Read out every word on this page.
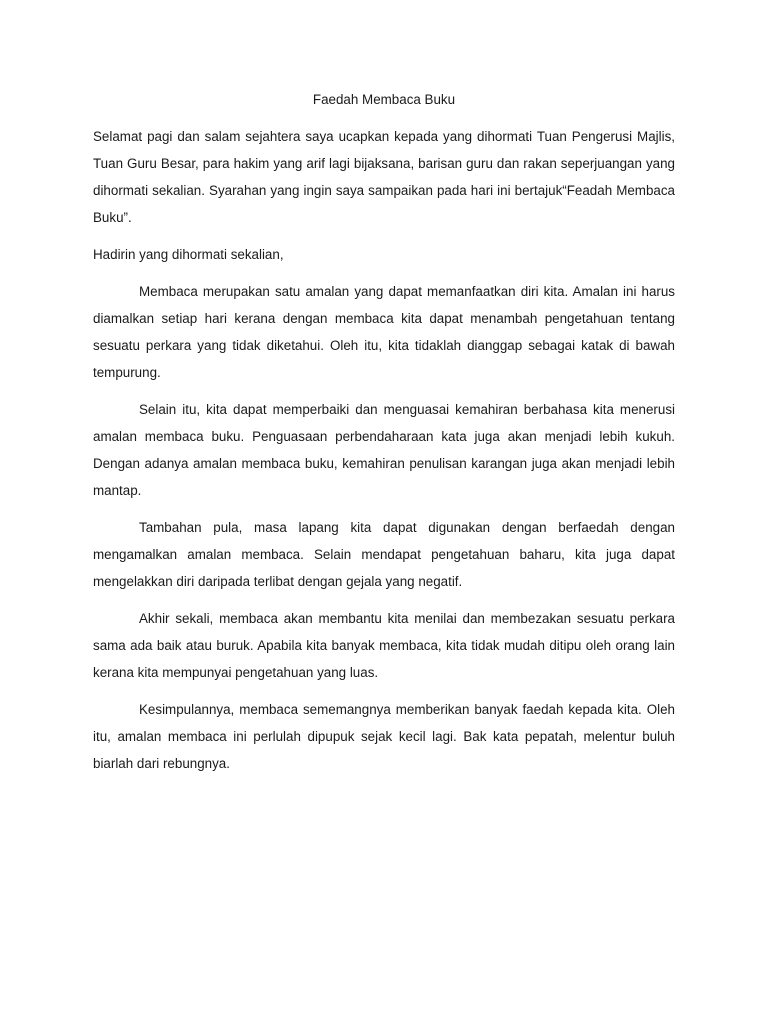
Faedah Membaca Buku

Selamat pagi dan salam sejahtera saya ucapkan kepada yang dihormati Tuan Pengerusi Majlis, Tuan Guru Besar, para hakim yang arif lagi bijaksana, barisan guru dan rakan seperjuangan yang dihormati sekalian. Syarahan yang ingin saya sampaikan pada hari ini bertajuk“Feadah Membaca Buku”.

Hadirin yang dihormati sekalian,

Membaca merupakan satu amalan yang dapat memanfaatkan diri kita. Amalan ini harus diamalkan setiap hari kerana dengan membaca kita dapat menambah pengetahuan tentang sesuatu perkara yang tidak diketahui. Oleh itu, kita tidaklah dianggap sebagai katak di bawah tempurung.

Selain itu, kita dapat memperbaiki dan menguasai kemahiran berbahasa kita menerusi amalan membaca buku. Penguasaan perbendaharaan kata juga akan menjadi lebih kukuh. Dengan adanya amalan membaca buku, kemahiran penulisan karangan juga akan menjadi lebih mantap.

Tambahan pula, masa lapang kita dapat digunakan dengan berfaedah dengan mengamalkan amalan membaca. Selain mendapat pengetahuan baharu, kita juga dapat mengelakkan diri daripada terlibat dengan gejala yang negatif.

Akhir sekali, membaca akan membantu kita menilai dan membezakan sesuatu perkara sama ada baik atau buruk. Apabila kita banyak membaca, kita tidak mudah ditipu oleh orang lain kerana kita mempunyai pengetahuan yang luas.

Kesimpulannya, membaca sememangnya memberikan banyak faedah kepada kita. Oleh itu, amalan membaca ini perlulah dipupuk sejak kecil lagi. Bak kata pepatah, melentur buluh biarlah dari rebungnya.
